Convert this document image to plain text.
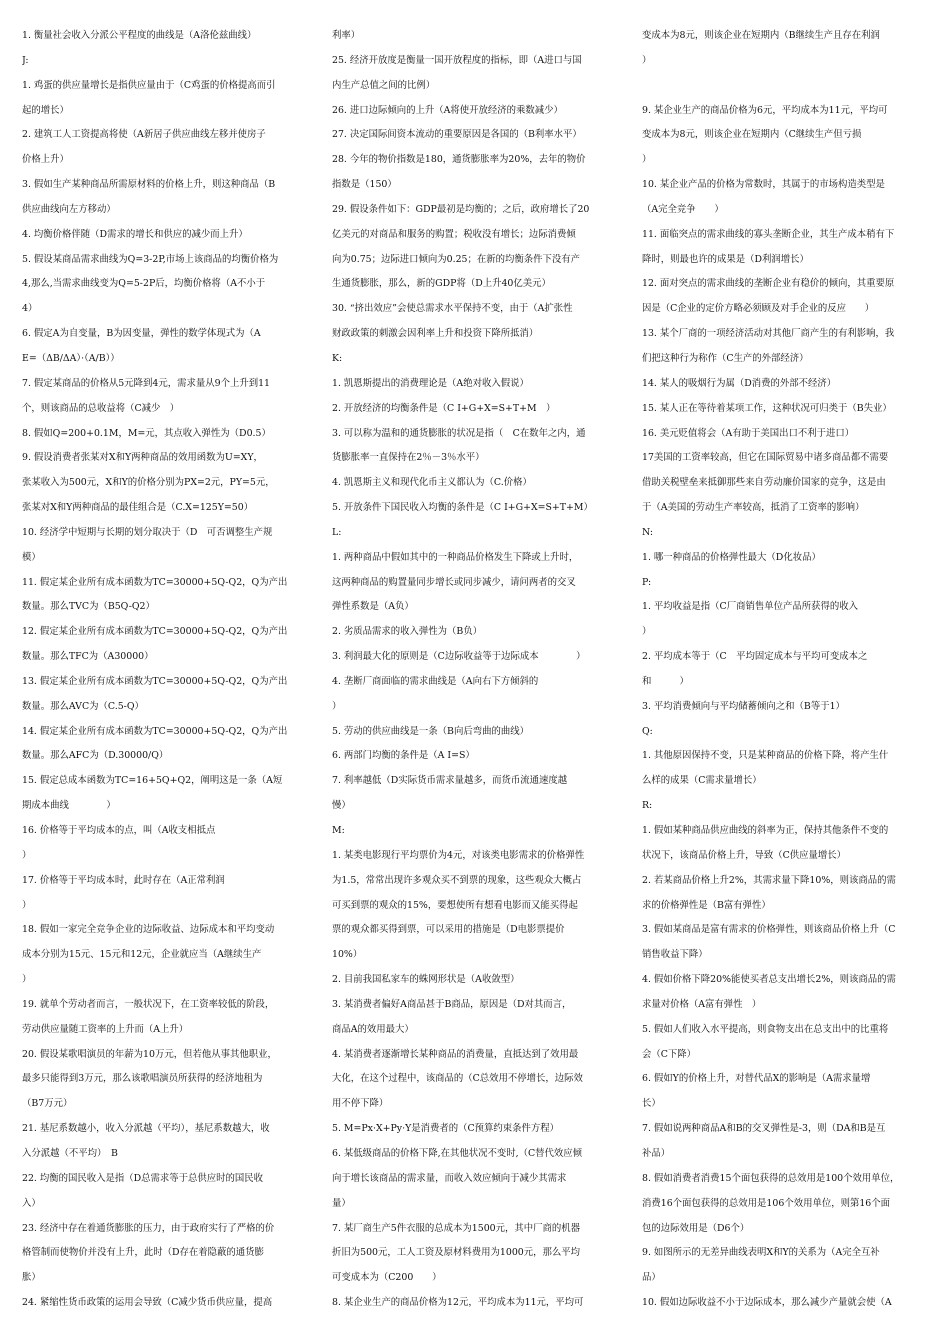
1. 衡量社会收入分派公平程度的曲线是（A洛伦兹曲线）
J:
1. 鸡蛋的供应量增长是指供应量由于（C鸡蛋的价格提高而引
起的增长）
2. 建筑工人工资提高将使（A新居子供应曲线左移并使房子
价格上升）
3. 假如生产某种商品所需原材料的价格上升，则这种商品（B
供应曲线向左方移动）
4. 均衡价格伴随（D需求的增长和供应的减少而上升）
5. 假设某商品需求曲线为Q=3-2P,市场上该商品的均衡价格为
4,那么,当需求曲线变为Q=5-2P后，均衡价格将（A不小于
4）
6. 假定A为自变量，B为因变量，弹性的数学体现式为（A
E=（ΔB/ΔA）·（A/B））
7. 假定某商品的价格从5元降到4元，需求量从9个上升到11
个，则该商品的总收益将（C减少　）
8. 假如Q=200+0.1M，M=元，其点收入弹性为（D0.5）
9. 假设消费者张某对X和Y两种商品的效用函数为U=XY，
张某收入为500元，X和Y的价格分别为PX=2元，PY=5元，
张某对X和Y两种商品的最佳组合是（C.X=125Y=50）
10. 经济学中短期与长期的划分取决于（D　可否调整生产规
模）
11. 假定某企业所有成本函数为TC=30000+5Q-Q2，Q为产出
数量。那么TVC为（B5Q-Q2）
12. 假定某企业所有成本函数为TC=30000+5Q-Q2，Q为产出
数量。那么TFC为（A30000）
13. 假定某企业所有成本函数为TC=30000+5Q-Q2，Q为产出
数量。那么AVC为（C.5-Q）
14. 假定某企业所有成本函数为TC=30000+5Q-Q2，Q为产出
数量。那么AFC为（D.30000/Q）
15. 假定总成本函数为TC=16+5Q+Q2，阐明这是一条（A短
期成本曲线　　　　）
16. 价格等于平均成本的点，叫（A收支相抵点
）
17. 价格等于平均成本时，此时存在（A正常利润
）
18. 假如一家完全竞争企业的边际收益、边际成本和平均变动
成本分别为15元、15元和12元，企业就应当（A继续生产
）
19. 就单个劳动者而言，一般状况下，在工资率较低的阶段，
劳动供应量随工资率的上升而（A上升）
20. 假设某歌唱演员的年薪为10万元，但若他从事其他职业，
最多只能得到3万元，那么该歌唱演员所获得的经济地租为
（B7万元）
21. 基尼系数越小，收入分派越（平均），基尼系数越大，收
入分派越（不平均）　B
22. 均衡的国民收入是指（D总需求等于总供应时的国民收
入）
23. 经济中存在着通货膨胀的压力，由于政府实行了严格的价
格管制而使物价并没有上升，此时（D存在着隐蔽的通货膨
胀）
24. 紧缩性货币政策的运用会导致（C减少货币供应量，提高
利率）
25. 经济开放度是衡量一国开放程度的指标，即（A进口与国
内生产总值之间的比例）
26. 进口边际倾向的上升（A将使开放经济的乘数减少）
27. 决定国际间资本流动的重要原因是各国的（B利率水平）
28. 今年的物价指数是180，通货膨胀率为20%，去年的物价
指数是（150）
29. 假设条件如下：GDP最初是均衡的；之后，政府增长了20
亿美元的对商品和服务的购置；税收没有增长；边际消费倾
向为0.75；边际进口倾向为0.25；在新的均衡条件下没有产
生通货膨胀，那么，新的GDP将（D上升40亿美元）
30. “挤出效应”会使总需求水平保持不变，由于（A扩张性
财政政策的刺激会因利率上升和投资下降所抵消）
K:
1. 凯恩斯提出的消费理论是（A绝对收入假说）
2. 开放经济的均衡条件是（C I+G+X=S+T+M　）
3. 可以称为温和的通货膨胀的状况是指（　C在数年之内，通
货膨胀率一直保持在2％－3％水平）
4. 凯恩斯主义和现代化币主义都认为（C.价格）
5. 开放条件下国民收入均衡的条件是（C I+G+X=S+T+M）
L:
1. 两种商品中假如其中的一种商品价格发生下降或上升时，
这两种商品的购置量同步增长或同步减少，请问两者的交叉
弹性系数是（A负）
2. 劣质品需求的收入弹性为（B负）
3. 利润最大化的原则是（C边际收益等于边际成本　　　　）
4. 垄断厂商面临的需求曲线是（A向右下方倾斜的
）
5. 劳动的供应曲线是一条（B向后弯曲的曲线）
6. 两部门均衡的条件是（A I=S）
7. 利率越低（D实际货币需求量越多，而货币流通速度越
慢）
M:
1. 某类电影现行平均票价为4元，对该类电影需求的价格弹性
为1.5，常常出现许多观众买不到票的现象，这些观众大概占
可买到票的观众的15%，要想使所有想看电影而又能买得起
票的观众都买得到票，可以采用的措施是（D电影票提价
10%）
2. 目前我国私家车的蛛网形状是（A收敛型）
3. 某消费者偏好A商品甚于B商品，原因是（D对其而言，
商品A的效用最大）
4. 某消费者逐渐增长某种商品的消费量，直抵达到了效用最
大化，在这个过程中，该商品的（C总效用不停增长，边际效
用不停下降）
5. M=Px·X+Py·Y是消费者的（C预算约束条件方程）
6. 某低级商品的价格下降,在其他状况不变时,（C替代效应倾
向于增长该商品的需求量，而收入效应倾向于减少其需求
量）
7. 某厂商生产5件衣服的总成本为1500元，其中厂商的机器
折旧为500元，工人工资及原材料费用为1000元，那么平均
可变成本为（C200　　）
8. 某企业生产的商品价格为12元，平均成本为11元，平均可
变成本为8元，则该企业在短期内（B继续生产且存在利润
）
9. 某企业生产的商品价格为6元，平均成本为11元，平均可
变成本为8元，则该企业在短期内（C继续生产但亏损
）
10. 某企业产品的价格为常数时，其属于的市场构造类型是
（A完全竞争　　）
11. 面临突点的需求曲线的寡头垄断企业，其生产成本稍有下
降时，则最也许的成果是（D利润增长）
12. 面对突点的需求曲线的垄断企业有稳价的倾向，其重要原
因是（C企业的定价方略必须顾及对手企业的反应　　）
13. 某个厂商的一项经济活动对其他厂商产生的有利影响，我
们把这种行为称作（C生产的外部经济）
14. 某人的吸烟行为属（D消费的外部不经济）
15. 某人正在等待着某项工作，这种状况可归类于（B失业）
16. 美元贬值将会（A有助于美国出口不利于进口）
17美国的工资率较高，但它在国际贸易中诸多商品都不需要
借助关税壁垒来抵御那些来自劳动廉价国家的竞争，这是由
于（A美国的劳动生产率较高，抵消了工资率的影响）
N:
1. 哪一种商品的价格弹性最大（D化妆品）
P:
1. 平均收益是指（C厂商销售单位产品所获得的收入
）
2. 平均成本等于（C　平均固定成本与平均可变成本之
和　　　）
3. 平均消费倾向与平均储蓄倾向之和（B等于1）
Q:
1. 其他原因保持不变，只是某种商品的价格下降，将产生什
么样的成果（C需求量增长）
R:
1. 假如某种商品供应曲线的斜率为正，保持其他条件不变的
状况下，该商品价格上升，导致（C供应量增长）
2. 若某商品价格上升2%，其需求量下降10%，则该商品的需
求的价格弹性是（B富有弹性）
3. 假如某商品是富有需求的价格弹性，则该商品价格上升（C
销售收益下降）
4. 假如价格下降20%能使买者总支出增长2%，则该商品的需
求量对价格（A富有弹性　）
5. 假如人们收入水平提高，则食物支出在总支出中的比重将
会（C下降）
6. 假如Y的价格上升，对替代品X的影响是（A需求量增
长）
7. 假如说两种商品A和B的交叉弹性是-3，则（DA和B是互
补品）
8. 假如消费者消费15个面包获得的总效用是100个效用单位，
消费16个面包获得的总效用是106个效用单位，则第16个面
包的边际效用是（D6个）
9. 如图所示的无差异曲线表明X和Y的关系为（A完全互补
品）
10. 假如边际收益不小于边际成本，那么减少产量就会使（A
